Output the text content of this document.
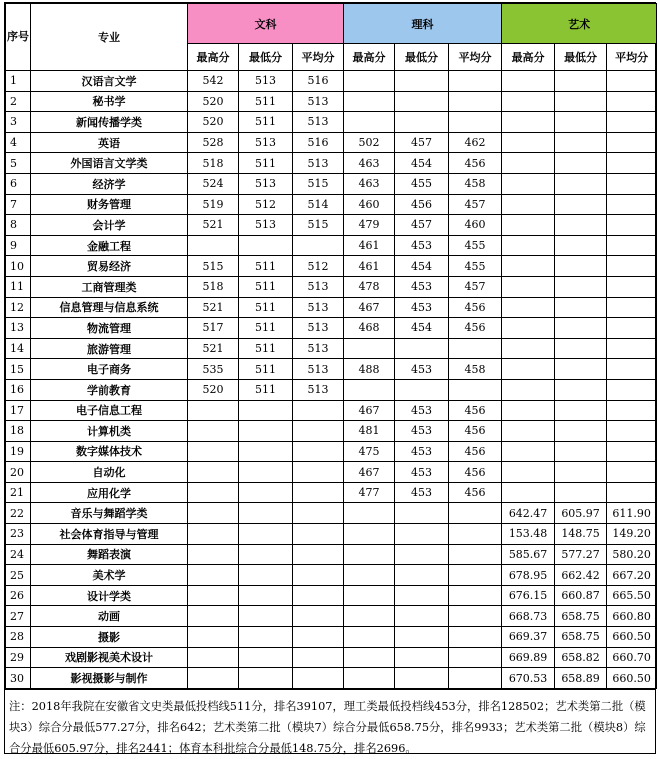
序号	专业	文科			理科			艺术		
		最高分	最低分	平均分	最高分	最低分	平均分	最高分	最低分	平均分
1	汉语言文学	542	513	516						
2	秘书学	520	511	513						
3	新闻传播学类	520	511	513						
4	英语	528	513	516	502	457	462			
5	外国语言文学类	518	511	513	463	454	456			
6	经济学	524	513	515	463	455	458			
7	财务管理	519	512	514	460	456	457			
8	会计学	521	513	515	479	457	460			
9	金融工程				461	453	455			
10	贸易经济	515	511	512	461	454	455			
11	工商管理类	518	511	513	478	453	457			
12	信息管理与信息系统	521	511	513	467	453	456			
13	物流管理	517	511	513	468	454	456			
14	旅游管理	521	511	513						
15	电子商务	535	511	513	488	453	458			
16	学前教育	520	511	513						
17	电子信息工程				467	453	456			
18	计算机类				481	453	456			
19	数字媒体技术				475	453	456			
20	自动化				467	453	456			
21	应用化学				477	453	456			
22	音乐与舞蹈学类							642.47	605.97	611.90
23	社会体育指导与管理							153.48	148.75	149.20
24	舞蹈表演							585.67	577.27	580.20
25	美术学							678.95	662.42	667.20
26	设计学类							676.15	660.87	665.50
27	动画							668.73	658.75	660.80
28	摄影							669.37	658.75	660.50
29	戏剧影视美术设计							669.89	658.82	660.70
30	影视摄影与制作							670.53	658.89	660.50
注：2018年我院在安徽省文史类最低投档线511分，排名39107，理工类最低投档线453分，排名128502；艺术类第二批（模块3）综合分最低577.27分，排名642；艺术类第二批（模块7）综合分最低658.75分，排名9933；艺术类第二批（模块8）综合分最低605.97分，排名2441；体育本科批综合分最低148.75分，排名2696。
